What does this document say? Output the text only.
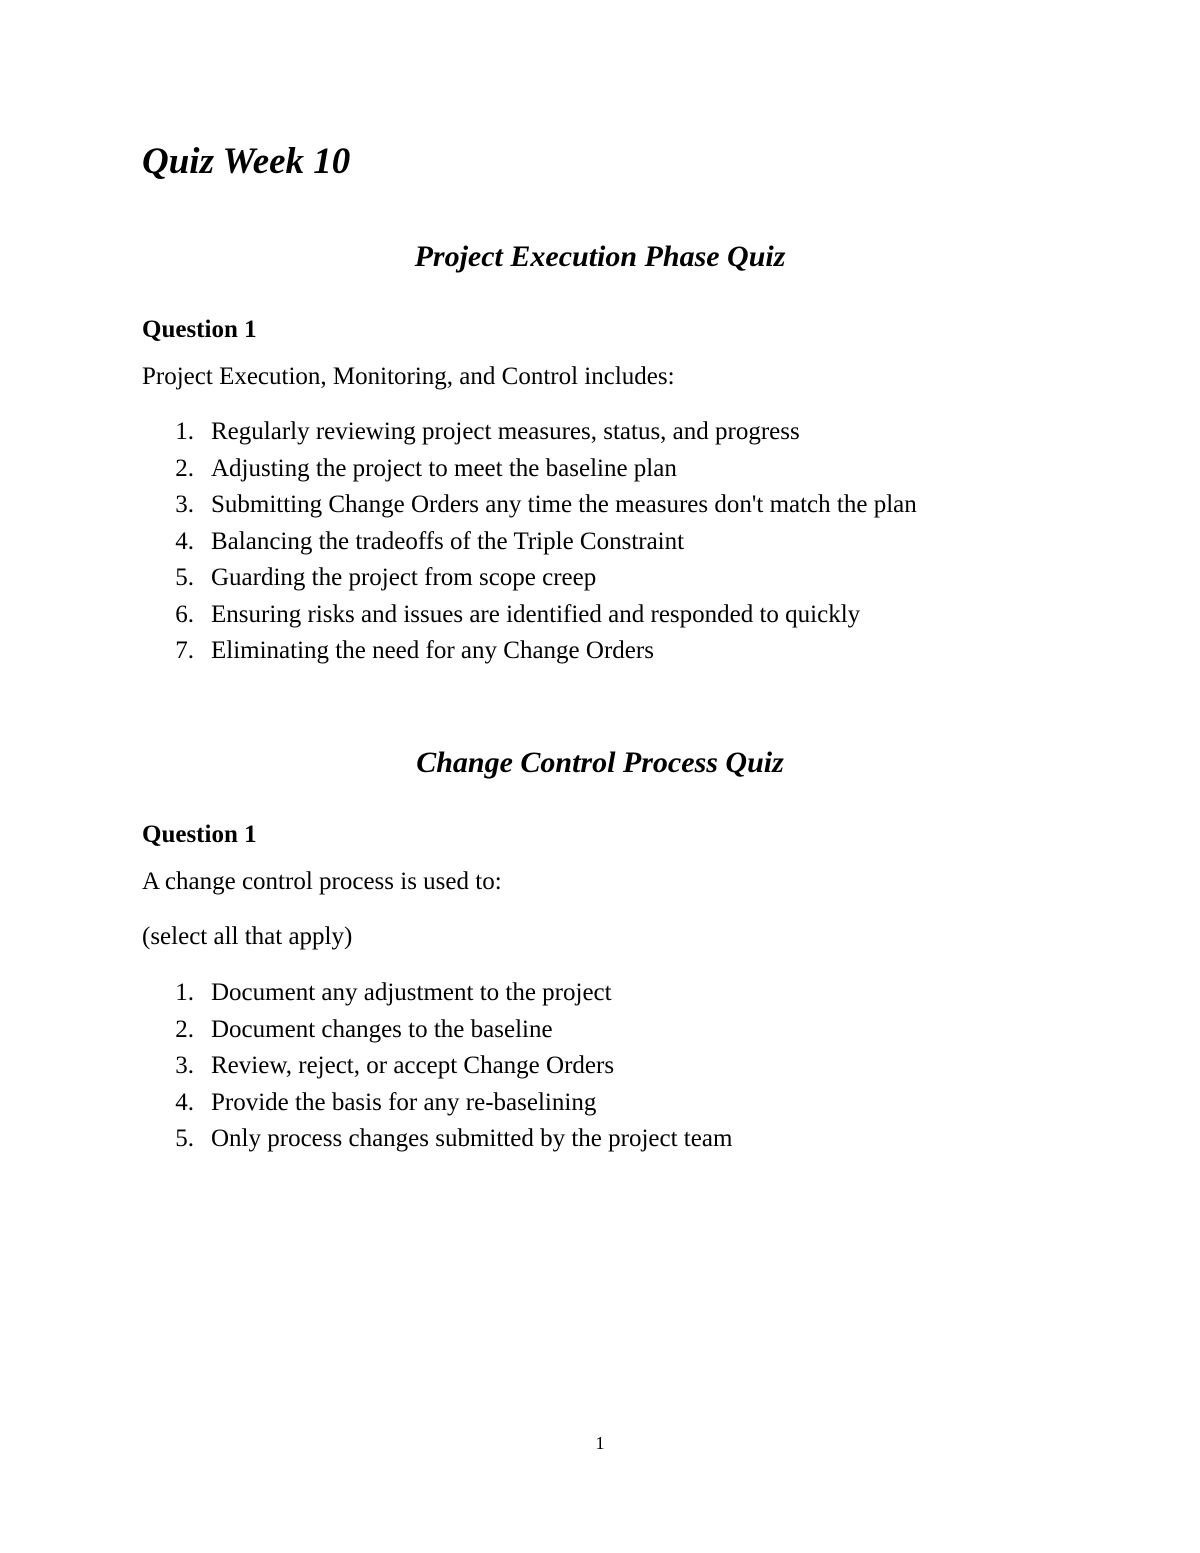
Quiz Week 10
Project Execution Phase Quiz

Question 1

Project Execution, Monitoring, and Control includes:

1. Regularly reviewing project measures, status, and progress
2. Adjusting the project to meet the baseline plan
3. Submitting Change Orders any time the measures don't match the plan
4. Balancing the tradeoffs of the Triple Constraint
5. Guarding the project from scope creep
6. Ensuring risks and issues are identified and responded to quickly
7. Eliminating the need for any Change Orders
Change Control Process Quiz

Question 1

A change control process is used to:

(select all that apply)

1. Document any adjustment to the project
2. Document changes to the baseline
3. Review, reject, or accept Change Orders
4. Provide the basis for any re-baselining
5. Only process changes submitted by the project team

1
